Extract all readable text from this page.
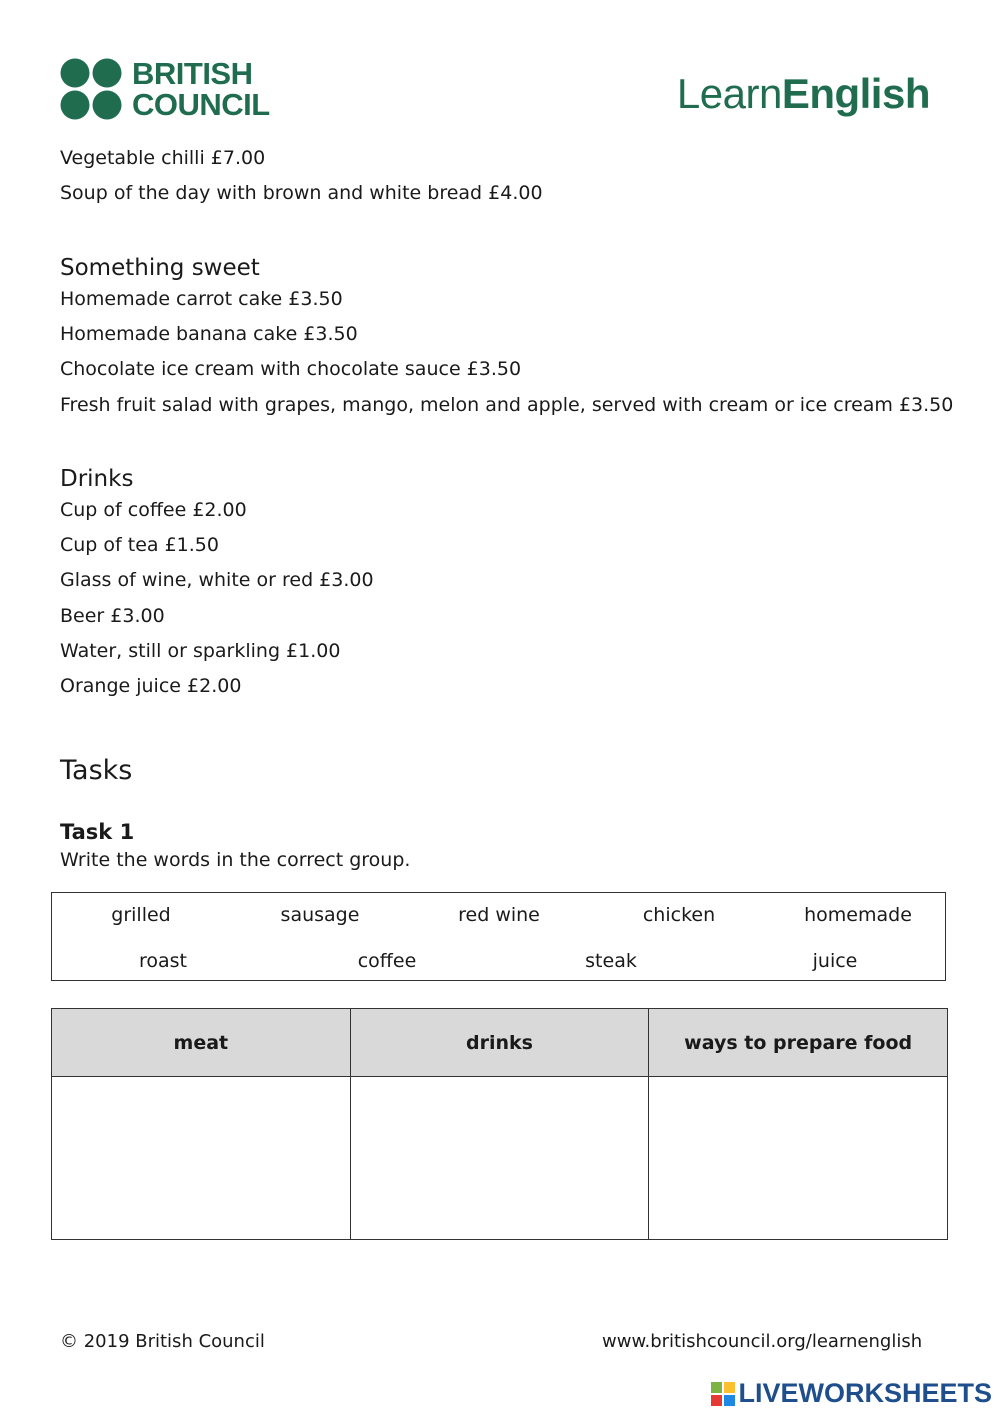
BRITISH
COUNCIL	LearnEnglish
Vegetable chilli £7.00
Soup of the day with brown and white bread £4.00
Something sweet
Homemade carrot cake £3.50
Homemade banana cake £3.50
Chocolate ice cream with chocolate sauce £3.50
Fresh fruit salad with grapes, mango, melon and apple, served with cream or ice cream £3.50
Drinks
Cup of coffee £2.00
Cup of tea £1.50
Glass of wine, white or red £3.00
Beer £3.00
Water, still or sparkling £1.00
Orange juice £2.00
Tasks
Task 1
Write the words in the correct group.
grilled	sausage	red wine	chicken	homemade
roast	coffee	steak	juice
meat	drinks	ways to prepare food

© 2019 British Council	www.britishcouncil.org/learnenglish
LIVEWORKSHEETS
